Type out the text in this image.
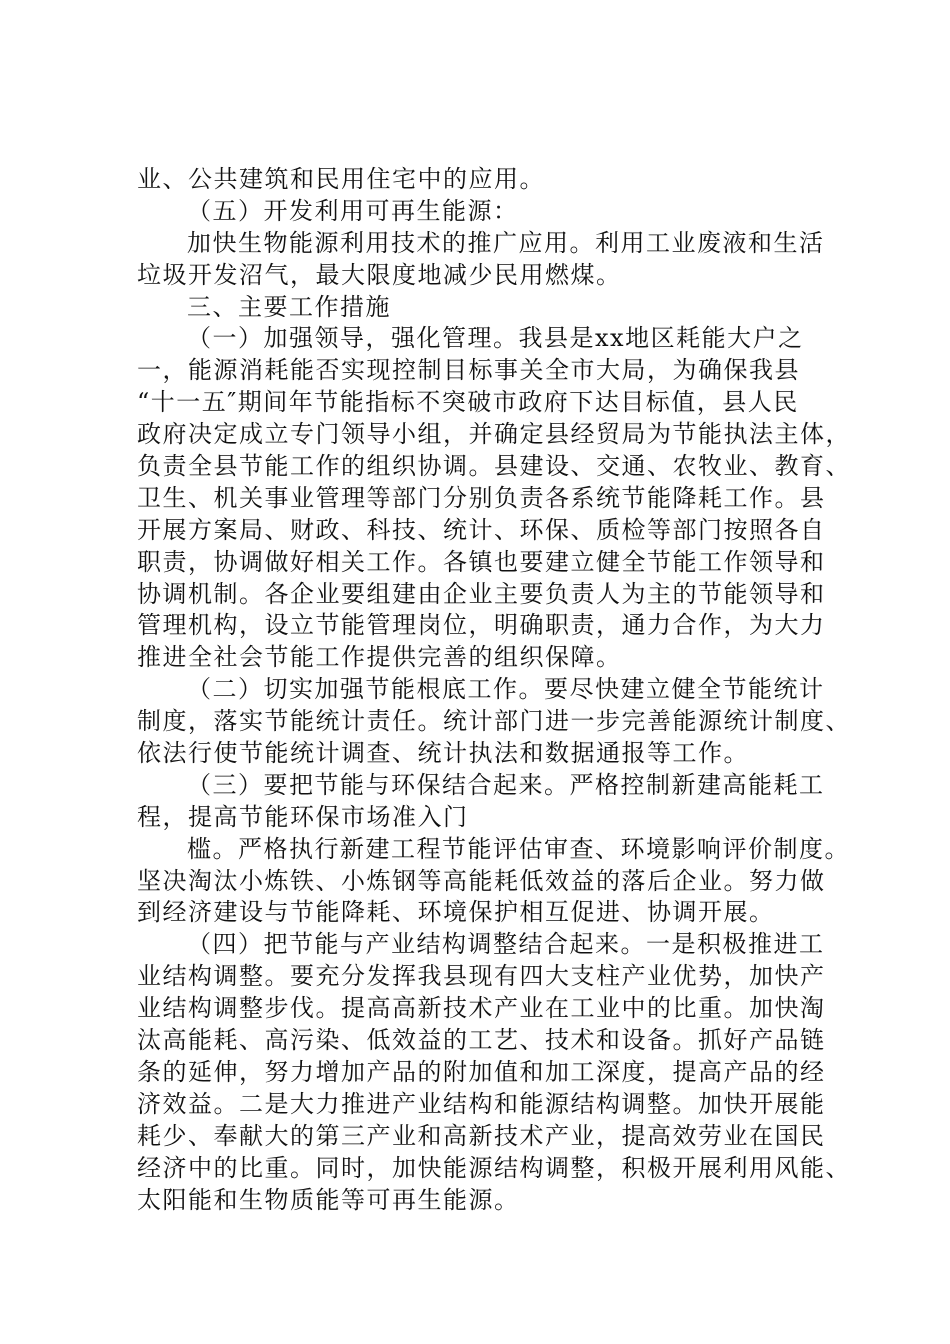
业、公共建筑和民用住宅中的应用。
（五）开发利用可再生能源：
加快生物能源利用技术的推广应用。利用工业废液和生活
垃圾开发沼气，最大限度地减少民用燃煤。
三、主要工作措施
（一）加强领导，强化管理。我县是xx地区耗能大户之
一，能源消耗能否实现控制目标事关全市大局，为确保我县
“十一五″期间年节能指标不突破市政府下达目标值，县人民
政府决定成立专门领导小组，并确定县经贸局为节能执法主体，
负责全县节能工作的组织协调。县建设、交通、农牧业、教育、
卫生、机关事业管理等部门分别负责各系统节能降耗工作。县
开展方案局、财政、科技、统计、环保、质检等部门按照各自
职责，协调做好相关工作。各镇也要建立健全节能工作领导和
协调机制。各企业要组建由企业主要负责人为主的节能领导和
管理机构，设立节能管理岗位，明确职责，通力合作，为大力
推进全社会节能工作提供完善的组织保障。
（二）切实加强节能根底工作。要尽快建立健全节能统计
制度，落实节能统计责任。统计部门进一步完善能源统计制度、
依法行使节能统计调查、统计执法和数据通报等工作。
（三）要把节能与环保结合起来。严格控制新建高能耗工
程，提高节能环保市场准入门
槛。严格执行新建工程节能评估审查、环境影响评价制度。
坚决淘汰小炼铁、小炼钢等高能耗低效益的落后企业。努力做
到经济建设与节能降耗、环境保护相互促进、协调开展。
（四）把节能与产业结构调整结合起来。一是积极推进工
业结构调整。要充分发挥我县现有四大支柱产业优势，加快产
业结构调整步伐。提高高新技术产业在工业中的比重。加快淘
汰高能耗、高污染、低效益的工艺、技术和设备。抓好产品链
条的延伸，努力增加产品的附加值和加工深度，提高产品的经
济效益。二是大力推进产业结构和能源结构调整。加快开展能
耗少、奉献大的第三产业和高新技术产业，提高效劳业在国民
经济中的比重。同时，加快能源结构调整，积极开展利用风能、
太阳能和生物质能等可再生能源。
